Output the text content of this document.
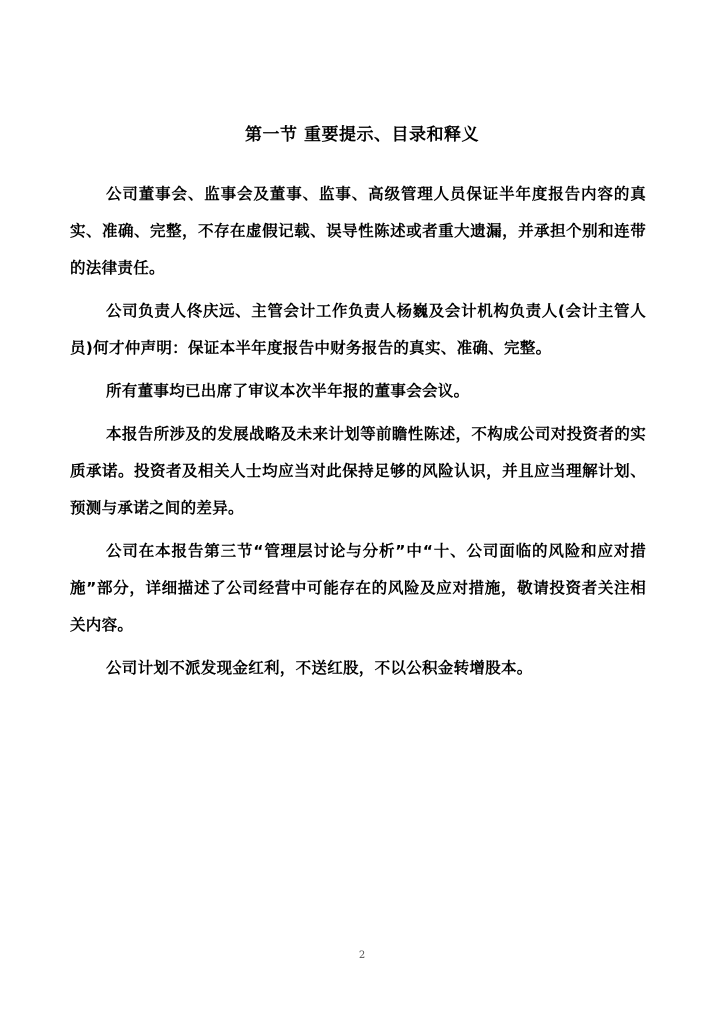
第一节 重要提示、目录和释义

公司董事会、监事会及董事、监事、高级管理人员保证半年度报告内容的真实、准确、完整，不存在虚假记载、误导性陈述或者重大遗漏，并承担个别和连带的法律责任。

公司负责人佟庆远、主管会计工作负责人杨巍及会计机构负责人(会计主管人员)何才仲声明：保证本半年度报告中财务报告的真实、准确、完整。

所有董事均已出席了审议本次半年报的董事会会议。

本报告所涉及的发展战略及未来计划等前瞻性陈述，不构成公司对投资者的实质承诺。投资者及相关人士均应当对此保持足够的风险认识，并且应当理解计划、预测与承诺之间的差异。

公司在本报告第三节“管理层讨论与分析”中“十、公司面临的风险和应对措施”部分，详细描述了公司经营中可能存在的风险及应对措施，敬请投资者关注相关内容。

公司计划不派发现金红利，不送红股，不以公积金转增股本。

2
